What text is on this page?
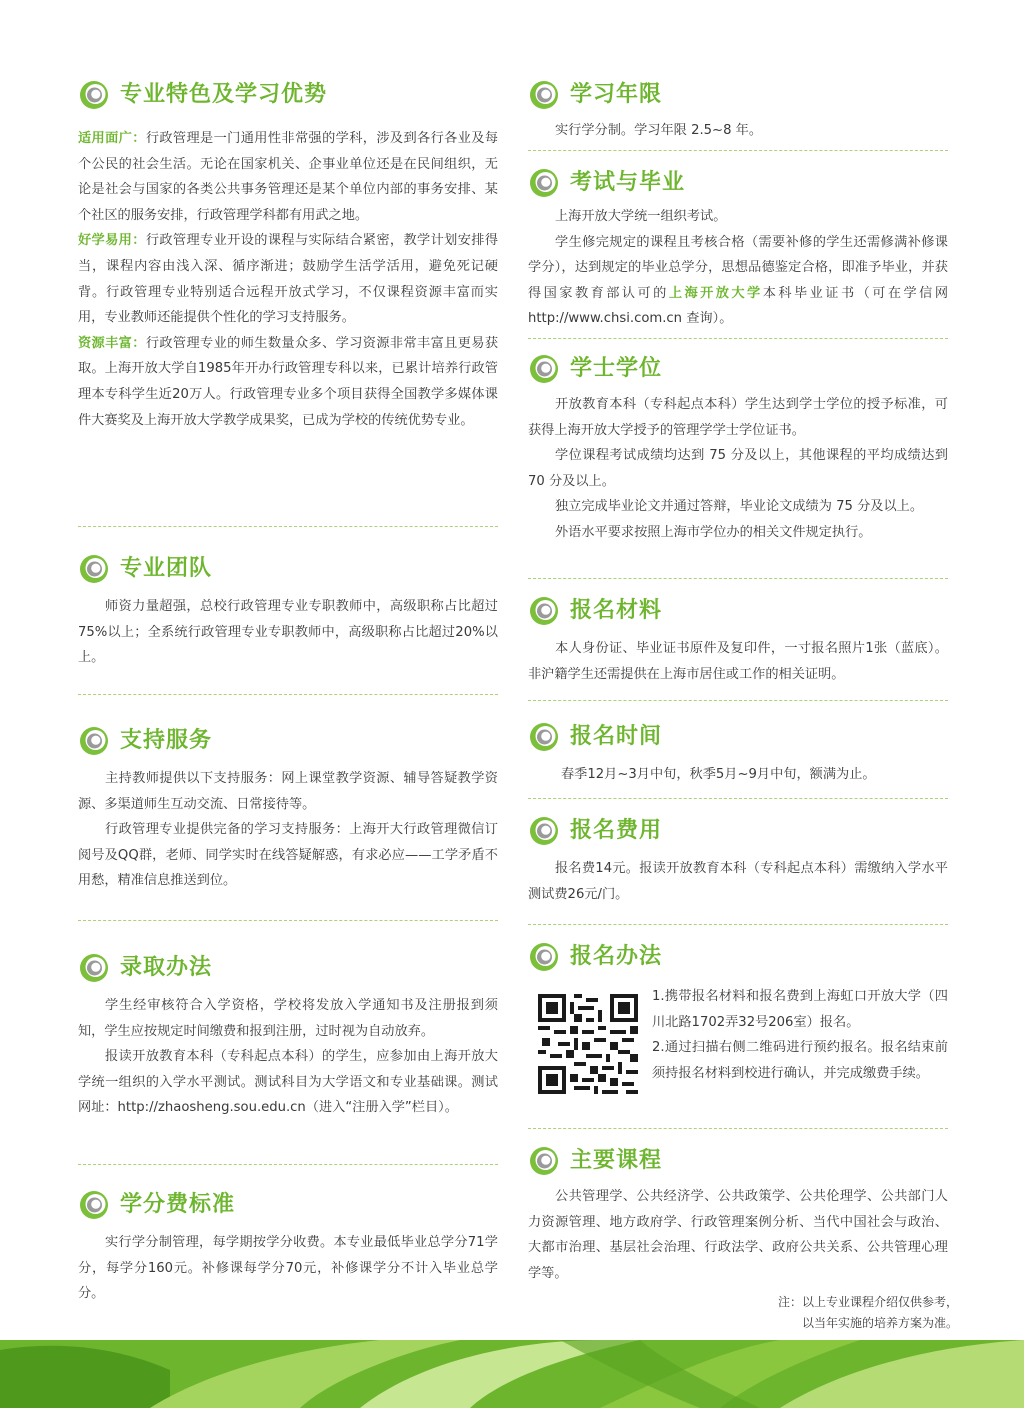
专业特色及学习优势

适用面广：行政管理是一门通用性非常强的学科，涉及到各行各业及每个公民的社会生活。无论在国家机关、企事业单位还是在民间组织，无论是社会与国家的各类公共事务管理还是某个单位内部的事务安排、某个社区的服务安排，行政管理学科都有用武之地。

好学易用：行政管理专业开设的课程与实际结合紧密，教学计划安排得当，课程内容由浅入深、循序渐进；鼓励学生活学活用，避免死记硬背。行政管理专业特别适合远程开放式学习，不仅课程资源丰富而实用，专业教师还能提供个性化的学习支持服务。

资源丰富：行政管理专业的师生数量众多、学习资源非常丰富且更易获取。上海开放大学自1985年开办行政管理专科以来，已累计培养行政管理本专科学生近20万人。行政管理专业多个项目获得全国教学多媒体课件大赛奖及上海开放大学教学成果奖，已成为学校的传统优势专业。

专业团队

师资力量超强，总校行政管理专业专职教师中，高级职称占比超过75%以上；全系统行政管理专业专职教师中，高级职称占比超过20%以上。

支持服务

主持教师提供以下支持服务：网上课堂教学资源、辅导答疑教学资源、多渠道师生互动交流、日常接待等。

行政管理专业提供完备的学习支持服务：上海开大行政管理微信订阅号及QQ群，老师、同学实时在线答疑解惑，有求必应——工学矛盾不用愁，精准信息推送到位。

录取办法

学生经审核符合入学资格，学校将发放入学通知书及注册报到须知，学生应按规定时间缴费和报到注册，过时视为自动放弃。

报读开放教育本科（专科起点本科）的学生，应参加由上海开放大学统一组织的入学水平测试。测试科目为大学语文和专业基础课。测试网址：http://zhaosheng.sou.edu.cn（进入“注册入学”栏目）。

学分费标准

实行学分制管理，每学期按学分收费。本专业最低毕业总学分71学分，每学分160元。补修课每学分70元，补修课学分不计入毕业总学分。

学习年限

实行学分制。学习年限 2.5~8 年。

考试与毕业

上海开放大学统一组织考试。

学生修完规定的课程且考核合格（需要补修的学生还需修满补修课学分），达到规定的毕业总学分，思想品德鉴定合格，即准予毕业，并获得国家教育部认可的上海开放大学本科毕业证书（可在学信网http://www.chsi.com.cn 查询）。

学士学位

开放教育本科（专科起点本科）学生达到学士学位的授予标准，可获得上海开放大学授予的管理学学士学位证书。

学位课程考试成绩均达到 75 分及以上，其他课程的平均成绩达到 70 分及以上。

独立完成毕业论文并通过答辩，毕业论文成绩为 75 分及以上。

外语水平要求按照上海市学位办的相关文件规定执行。

报名材料

本人身份证、毕业证书原件及复印件，一寸报名照片1张（蓝底）。非沪籍学生还需提供在上海市居住或工作的相关证明。

报名时间

春季12月~3月中旬，秋季5月~9月中旬，额满为止。

报名费用

报名费14元。报读开放教育本科（专科起点本科）需缴纳入学水平测试费26元/门。

报名办法

1.携带报名材料和报名费到上海虹口开放大学（四川北路1702弄32号206室）报名。

2.通过扫描右侧二维码进行预约报名。报名结束前须持报名材料到校进行确认，并完成缴费手续。

主要课程

公共管理学、公共经济学、公共政策学、公共伦理学、公共部门人力资源管理、地方政府学、行政管理案例分析、当代中国社会与政治、大都市治理、基层社会治理、行政法学、政府公共关系、公共管理心理学等。

注：以上专业课程介绍仅供参考，
以当年实施的培养方案为准。
